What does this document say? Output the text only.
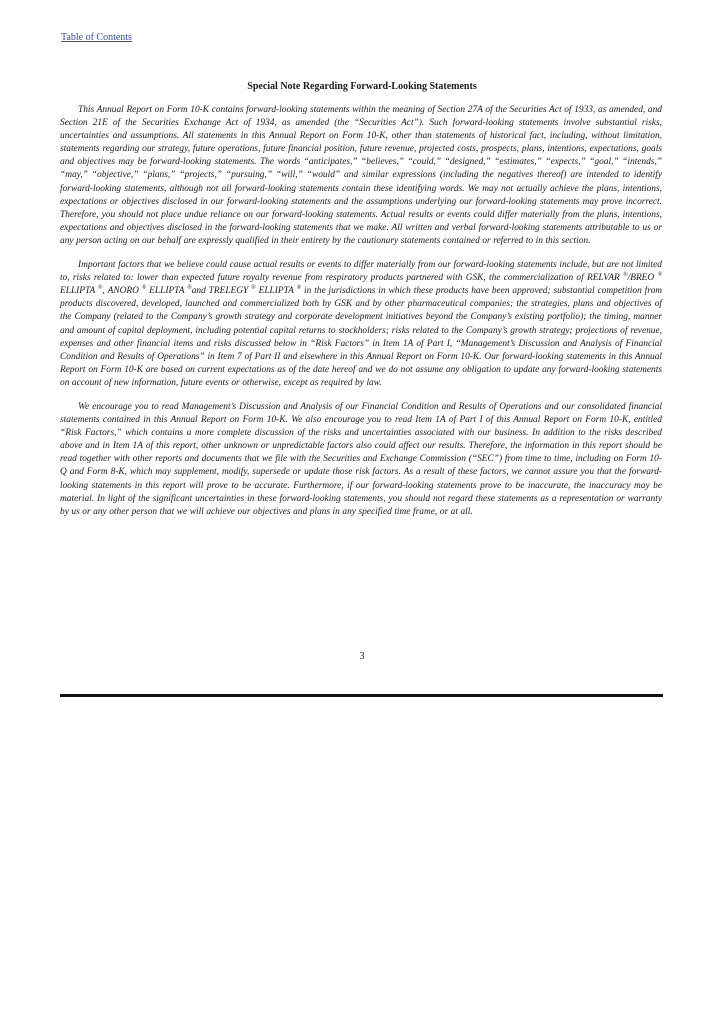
Table of Contents
Special Note Regarding Forward-Looking Statements

This Annual Report on Form 10-K contains forward-looking statements within the meaning of Section 27A of the Securities Act of 1933, as amended, and Section 21E of the Securities Exchange Act of 1934, as amended (the “Securities Act”). Such forward-looking statements involve substantial risks, uncertainties and assumptions. All statements in this Annual Report on Form 10-K, other than statements of historical fact, including, without limitation, statements regarding our strategy, future operations, future financial position, future revenue, projected costs, prospects, plans, intentions, expectations, goals and objectives may be forward-looking statements. The words “anticipates,” “believes,” “could,” “designed,” “estimates,” “expects,” “goal,” “intends,” “may,” “objective,” “plans,” “projects,” “pursuing,” “will,” “would” and similar expressions (including the negatives thereof) are intended to identify forward-looking statements, although not all forward-looking statements contain these identifying words. We may not actually achieve the plans, intentions, expectations or objectives disclosed in our forward-looking statements and the assumptions underlying our forward-looking statements may prove incorrect. Therefore, you should not place undue reliance on our forward-looking statements. Actual results or events could differ materially from the plans, intentions, expectations and objectives disclosed in the forward-looking statements that we make. All written and verbal forward-looking statements attributable to us or any person acting on our behalf are expressly qualified in their entirety by the cautionary statements contained or referred to in this section.

Important factors that we believe could cause actual results or events to differ materially from our forward-looking statements include, but are not limited to, risks related to: lower than expected future royalty revenue from respiratory products partnered with GSK, the commercialization of RELVAR ®/BREO ® ELLIPTA ®, ANORO ® ELLIPTA ®and TRELEGY ® ELLIPTA ® in the jurisdictions in which these products have been approved; substantial competition from products discovered, developed, launched and commercialized both by GSK and by other pharmaceutical companies; the strategies, plans and objectives of the Company (related to the Company’s growth strategy and corporate development initiatives beyond the Company’s existing portfolio); the timing, manner and amount of capital deployment, including potential capital returns to stockholders; risks related to the Company’s growth strategy; projections of revenue, expenses and other financial items and risks discussed below in “Risk Factors” in Item 1A of Part I, “Management’s Discussion and Analysis of Financial Condition and Results of Operations” in Item 7 of Part II and elsewhere in this Annual Report on Form 10-K. Our forward-looking statements in this Annual Report on Form 10-K are based on current expectations as of the date hereof and we do not assume any obligation to update any forward-looking statements on account of new information, future events or otherwise, except as required by law.

We encourage you to read Management’s Discussion and Analysis of our Financial Condition and Results of Operations and our consolidated financial statements contained in this Annual Report on Form 10-K. We also encourage you to read Item 1A of Part I of this Annual Report on Form 10-K, entitled “Risk Factors,” which contains a more complete discussion of the risks and uncertainties associated with our business. In addition to the risks described above and in Item 1A of this report, other unknown or unpredictable factors also could affect our results. Therefore, the information in this report should be read together with other reports and documents that we file with the Securities and Exchange Commission (“SEC”) from time to time, including on Form 10-Q and Form 8-K, which may supplement, modify, supersede or update those risk factors. As a result of these factors, we cannot assure you that the forward-looking statements in this report will prove to be accurate. Furthermore, if our forward-looking statements prove to be inaccurate, the inaccuracy may be material. In light of the significant uncertainties in these forward-looking statements, you should not regard these statements as a representation or warranty by us or any other person that we will achieve our objectives and plans in any specified time frame, or at all.

3
